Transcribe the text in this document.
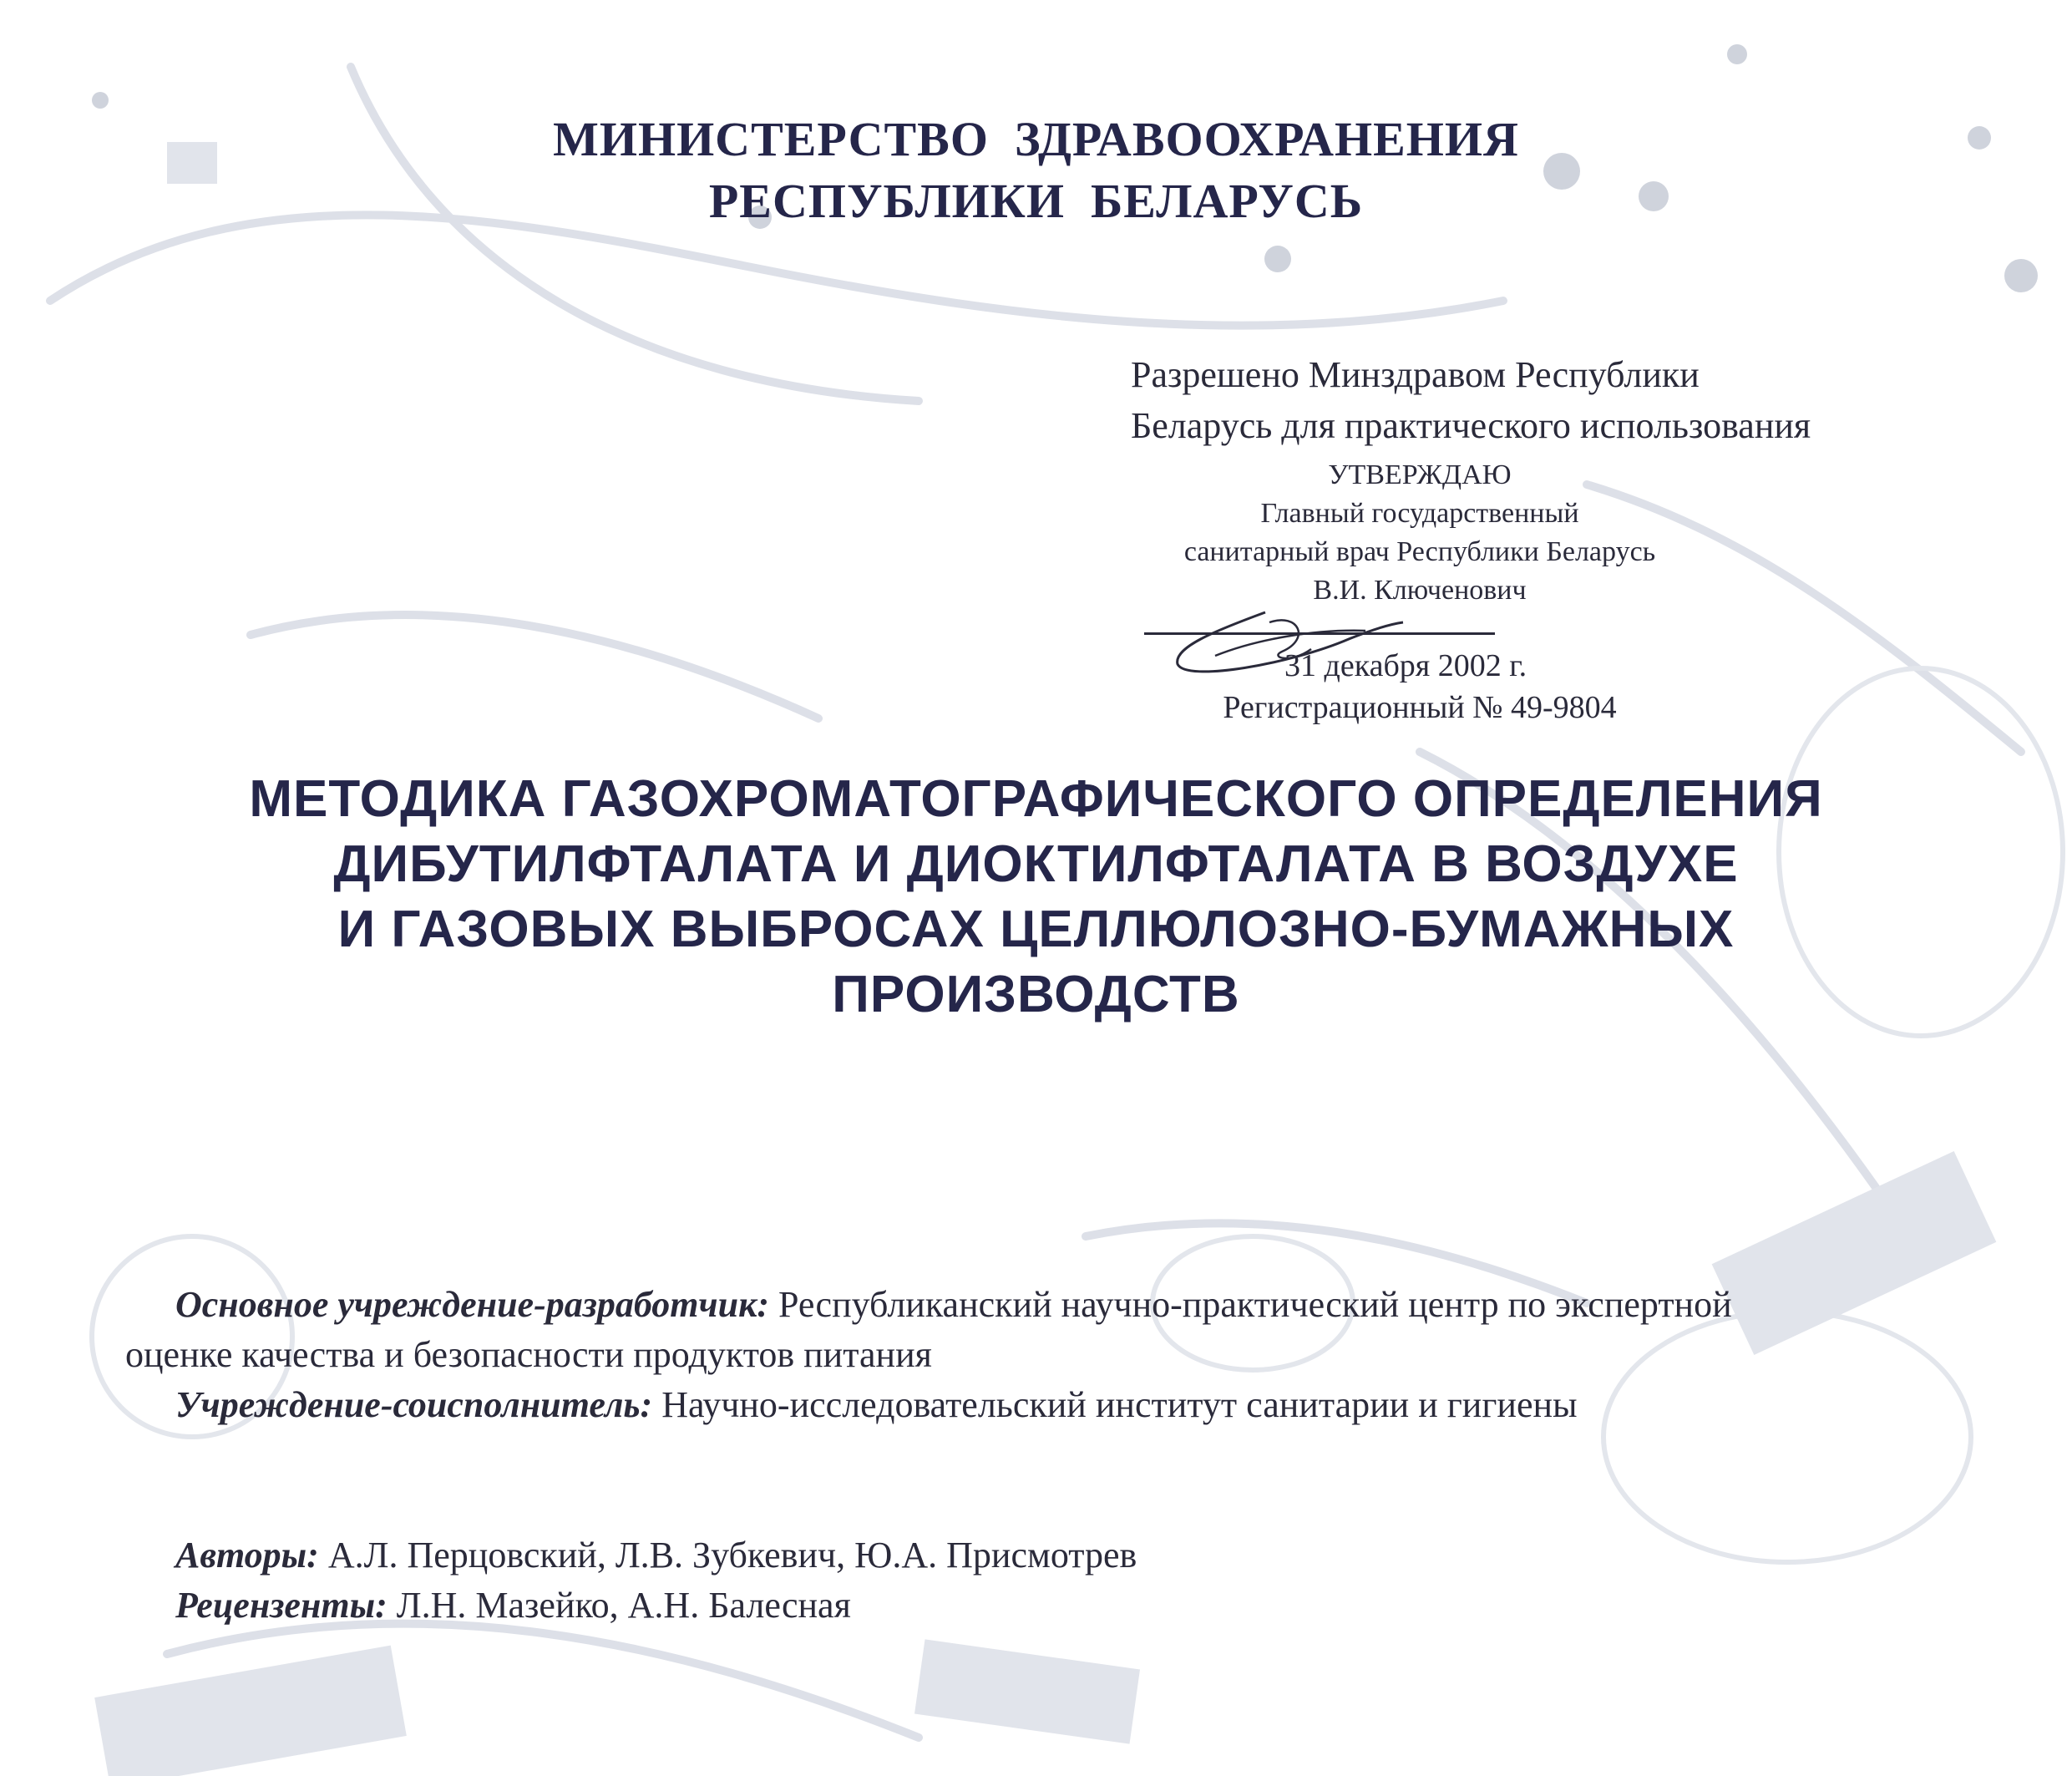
МИНИСТЕРСТВО  ЗДРАВООХРАНЕНИЯ
РЕСПУБЛИКИ  БЕЛАРУСЬ
Разрешено Минздравом Республики
Беларусь для практического использования
УТВЕРЖДАЮ
Главный государственный
санитарный врач Республики Беларусь
В.И. Ключенович
31 декабря 2002 г.
Регистрационный № 49-9804
МЕТОДИКА ГАЗОХРОМАТОГРАФИЧЕСКОГО ОПРЕДЕЛЕНИЯ
ДИБУТИЛФТАЛАТА И ДИОКТИЛФТАЛАТА В ВОЗДУХЕ
И ГАЗОВЫХ ВЫБРОСАХ ЦЕЛЛЮЛОЗНО-БУМАЖНЫХ
ПРОИЗВОДСТВ
Основное учреждение-разработчик: Республиканский научно-практический центр по экспертной
оценке качества и безопасности продуктов питания
Учреждение-соисполнитель: Научно-исследовательский институт санитарии и гигиены
Авторы: А.Л. Перцовский, Л.В. Зубкевич, Ю.А. Присмотрев
Рецензенты: Л.Н. Мазейко, А.Н. Балесная
